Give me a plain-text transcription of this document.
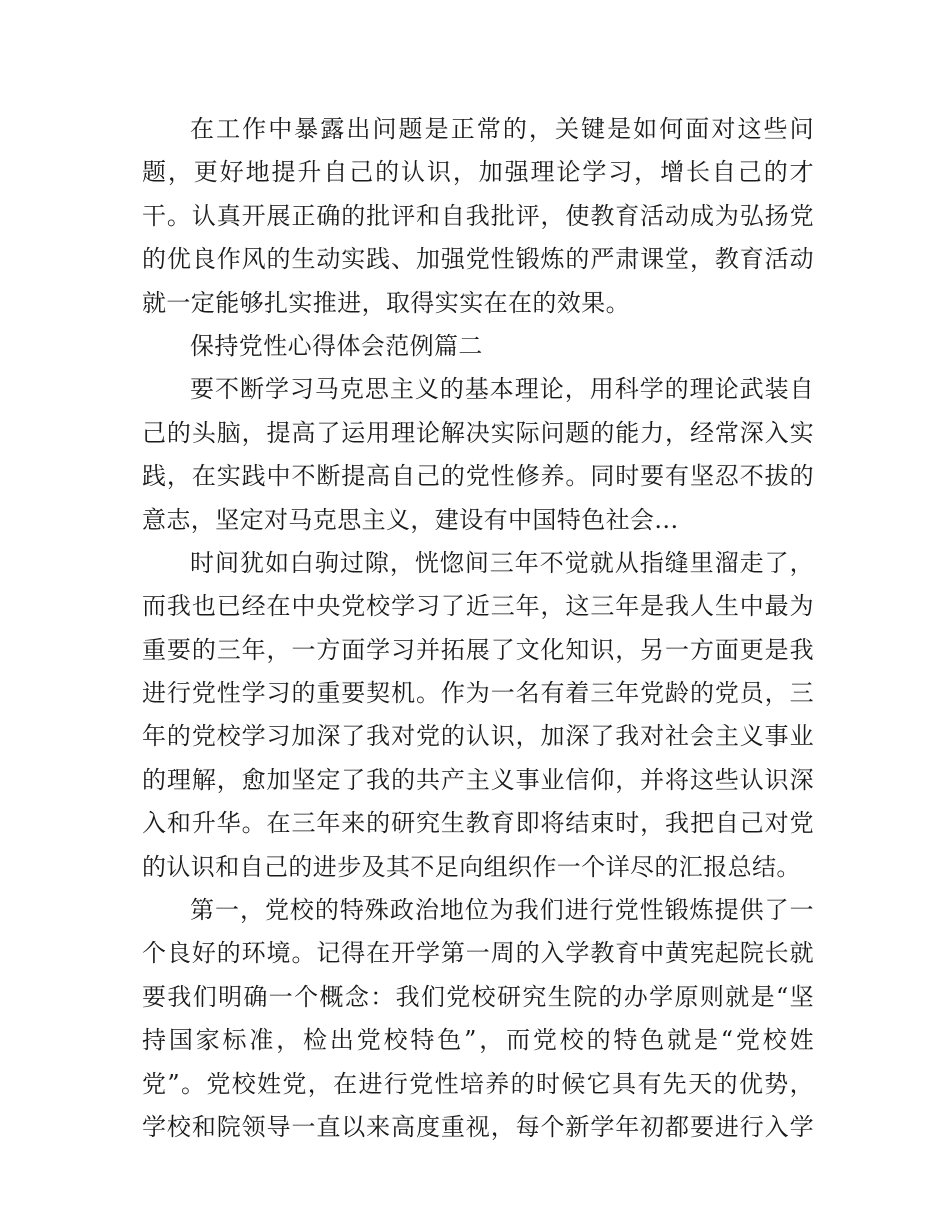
在工作中暴露出问题是正常的，关键是如何面对这些问
题，更好地提升自己的认识，加强理论学习，增长自己的才
干。认真开展正确的批评和自我批评，使教育活动成为弘扬党
的优良作风的生动实践、加强党性锻炼的严肃课堂，教育活动
就一定能够扎实推进，取得实实在在的效果。
保持党性心得体会范例篇二
要不断学习马克思主义的基本理论，用科学的理论武装自
己的头脑，提高了运用理论解决实际问题的能力，经常深入实
践，在实践中不断提高自己的党性修养。同时要有坚忍不拔的
意志，坚定对马克思主义，建设有中国特色社会...
时间犹如白驹过隙，恍惚间三年不觉就从指缝里溜走了，
而我也已经在中央党校学习了近三年，这三年是我人生中最为
重要的三年，一方面学习并拓展了文化知识，另一方面更是我
进行党性学习的重要契机。作为一名有着三年党龄的党员，三
年的党校学习加深了我对党的认识，加深了我对社会主义事业
的理解，愈加坚定了我的共产主义事业信仰，并将这些认识深
入和升华。在三年来的研究生教育即将结束时，我把自己对党
的认识和自己的进步及其不足向组织作一个详尽的汇报总结。
第一，党校的特殊政治地位为我们进行党性锻炼提供了一
个良好的环境。记得在开学第一周的入学教育中黄宪起院长就
要我们明确一个概念：我们党校研究生院的办学原则就是“坚
持国家标准，检出党校特色”，而党校的特色就是“党校姓
党”。党校姓党，在进行党性培养的时候它具有先天的优势，
学校和院领导一直以来高度重视，每个新学年初都要进行入学
